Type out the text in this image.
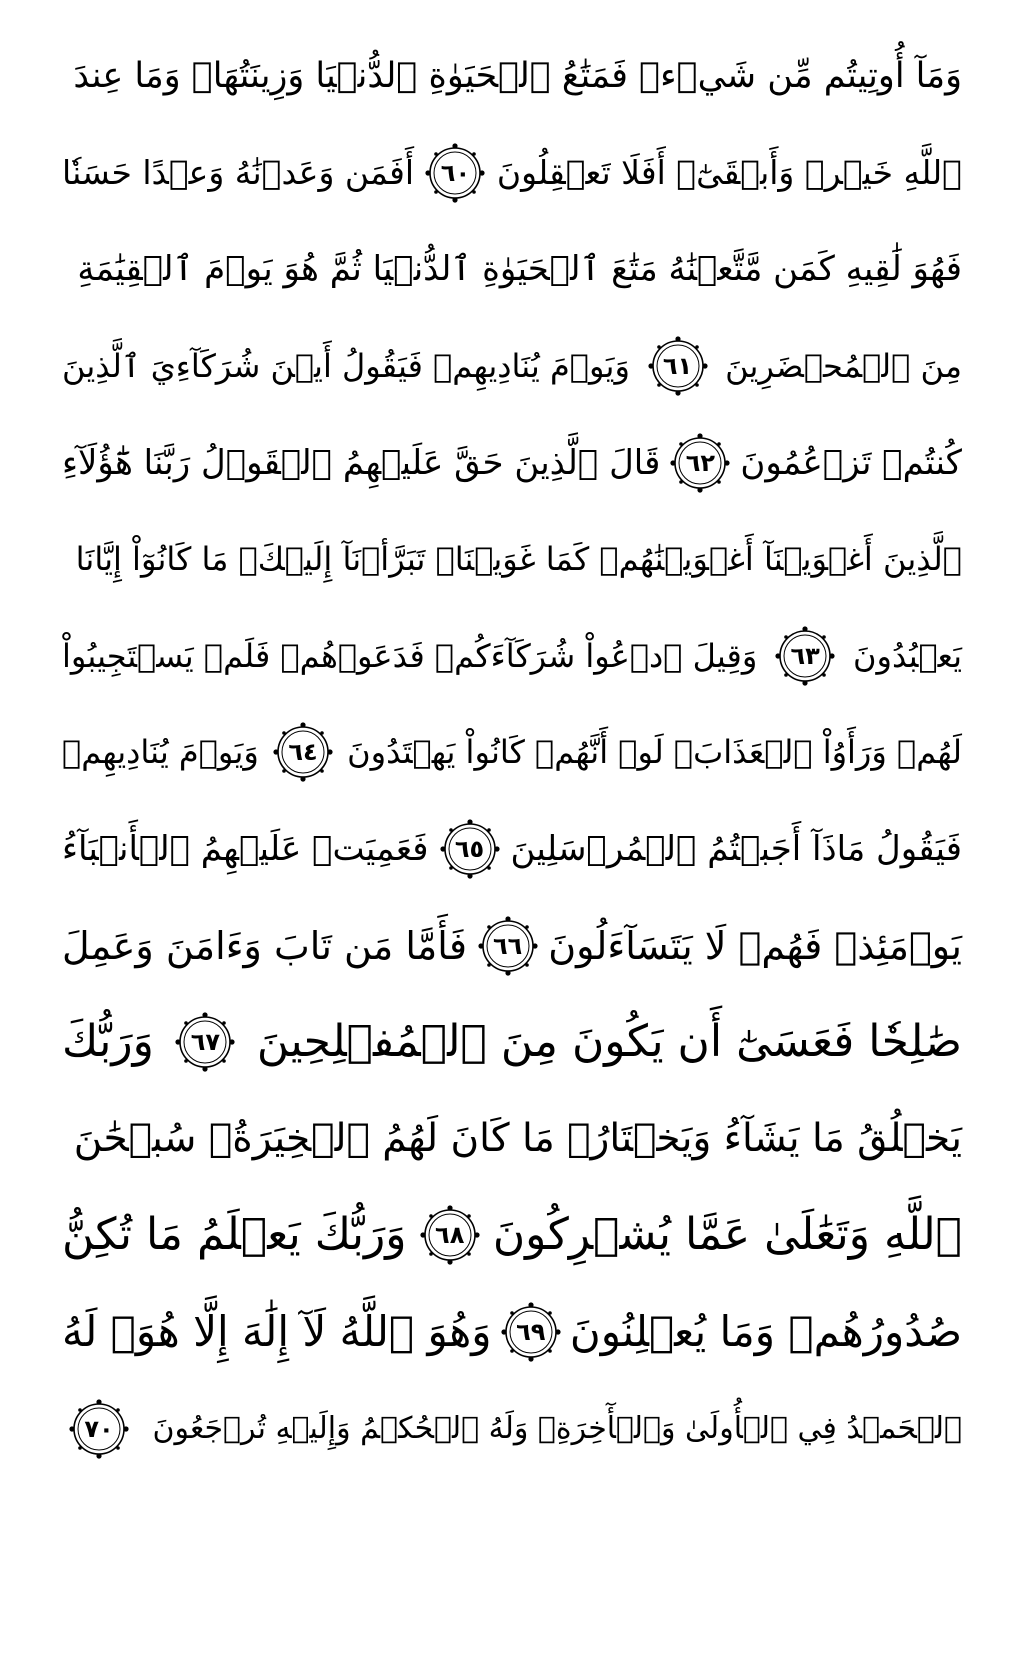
وَمَآ أُوتِيتُم مِّن شَيۡءٖ فَمَتَٰعُ ٱلۡحَيَوٰةِ ٱلدُّنۡيَا وَزِينَتُهَاۚ وَمَا عِندَ
ٱللَّهِ خَيۡرٞ وَأَبۡقَىٰٓۚ أَفَلَا تَعۡقِلُونَ
٦٠
أَفَمَن وَعَدۡنَٰهُ وَعۡدًا حَسَنٗا
فَهُوَ لَٰقِيهِ كَمَن مَّتَّعۡنَٰهُ مَتَٰعَ ٱلۡحَيَوٰةِ ٱلدُّنۡيَا ثُمَّ هُوَ يَوۡمَ ٱلۡقِيَٰمَةِ
مِنَ ٱلۡمُحۡضَرِينَ
٦١
وَيَوۡمَ يُنَادِيهِمۡ فَيَقُولُ أَيۡنَ شُرَكَآءِيَ ٱلَّذِينَ
كُنتُمۡ تَزۡعُمُونَ
٦٢
قَالَ ٱلَّذِينَ حَقَّ عَلَيۡهِمُ ٱلۡقَوۡلُ رَبَّنَا هَٰٓؤُلَآءِ
ٱلَّذِينَ أَغۡوَيۡنَآ أَغۡوَيۡنَٰهُمۡ كَمَا غَوَيۡنَاۖ تَبَرَّأۡنَآ إِلَيۡكَۖ مَا كَانُوٓاْ إِيَّانَا
يَعۡبُدُونَ
٦٣
وَقِيلَ ٱدۡعُواْ شُرَكَآءَكُمۡ فَدَعَوۡهُمۡ فَلَمۡ يَسۡتَجِيبُواْ
لَهُمۡ وَرَأَوُاْ ٱلۡعَذَابَۚ لَوۡ أَنَّهُمۡ كَانُواْ يَهۡتَدُونَ
٦٤
وَيَوۡمَ يُنَادِيهِمۡ
فَيَقُولُ مَاذَآ أَجَبۡتُمُ ٱلۡمُرۡسَلِينَ
٦٥
فَعَمِيَتۡ عَلَيۡهِمُ ٱلۡأَنۢبَآءُ
يَوۡمَئِذٖ فَهُمۡ لَا يَتَسَآءَلُونَ
٦٦
فَأَمَّا مَن تَابَ وَءَامَنَ وَعَمِلَ
صَٰلِحٗا فَعَسَىٰٓ أَن يَكُونَ مِنَ ٱلۡمُفۡلِحِينَ
٦٧
وَرَبُّكَ
يَخۡلُقُ مَا يَشَآءُ وَيَخۡتَارُۗ مَا كَانَ لَهُمُ ٱلۡخِيَرَةُۚ سُبۡحَٰنَ
ٱللَّهِ وَتَعَٰلَىٰ عَمَّا يُشۡرِكُونَ
٦٨
وَرَبُّكَ يَعۡلَمُ مَا تُكِنُّ
صُدُورُهُمۡ وَمَا يُعۡلِنُونَ
٦٩
وَهُوَ ٱللَّهُ لَآ إِلَٰهَ إِلَّا هُوَۖ لَهُ
ٱلۡحَمۡدُ فِي ٱلۡأُولَىٰ وَٱلۡأٓخِرَةِۖ وَلَهُ ٱلۡحُكۡمُ وَإِلَيۡهِ تُرۡجَعُونَ
٧٠
